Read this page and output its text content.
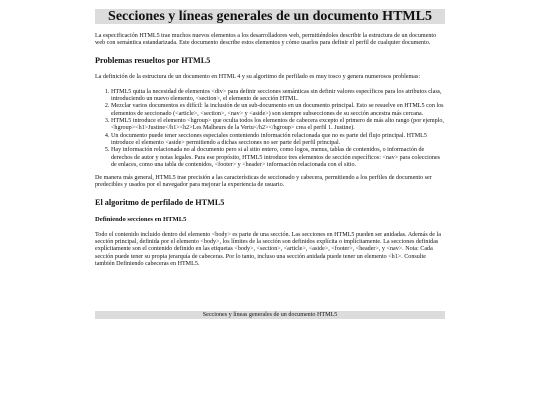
Secciones y líneas generales de un documento HTML5

La especificación HTML5 trae muchos nuevos elementos a los desarrolladores web, permitiéndoles describir la estructura de un documento web con semántica estandarizada. Este documento describe estos elementos y cómo usarlos para definir el perfil de cualquier documento.

Problemas resueltos por HTML5

La definición de la estructura de un documento en HTML 4 y su algoritmo de perfilado es muy tosco y genera numerosos problemas:

1. HTML5 quita la necesidad de elementos <div> para definir secciones semánticas sin definir valores específicos para los atributos class, introduciendo un nuevo elemento, <section>, el elemento de sección HTML.
2. Mezclar varios documentos es difícil: la inclusión de un sub-documento en un documento principal. Esto se resuelve en HTML5 con los elementos de seccionado (<article>, <section>, <nav> y <aside>) son siempre subsecciones de su sección ancestra más cercana.
3. HTML5 introduce el elemento <hgroup> que oculta todos los elementos de cabecera excepto el primero de más alto rango (por ejemplo, <hgroup><h1>Justine</h1><h2>Les Malheurs de la Vertu</h2></hgroup> crea el perfil 1. Justine).
4. Un documento puede tener secciones especiales conteniendo información relacionada que no es parte del flujo principal. HTML5 introduce el elemento <aside> permitiendo a dichas secciones no ser parte del perfil principal.
5. Hay información relacionada no al documento pero si al sitio entero, como logos, menus, tablas de contenidos, o información de derechos de autor y notas legales. Para ese propósito, HTML5 introduce tres elementos de sección específicos: <nav> para colecciones de enlaces, como una tabla de contenidos, <footer> y <header> información relacionada con el sitio.

De manera más general, HTML5 trae precisión a las características de seccionado y cabecera, permitiendo a los perfiles de documento ser predecibles y usados por el navegador para mejorar la experiencia de usuario.

El algoritmo de perfilado de HTML5
Definiendo secciones en HTML5

Todo el contenido incluido dentro del elemento <body> es parte de una sección. Las secciones en HTML5 pueden ser anidadas. Además de la sección principal, definida por el elemento <body>, los límites de la sección son definidos explícita o implícitamente. La secciones definidas explícitamente son el contenido definido en las etiquetas <body>, <section>, <article>, <aside>, <footer>, <header>, y <nav>. Nota: Cada sección puede tener su propia jerarquía de cabeceras. Por lo tanto, incluso una sección anidada puede tener un elemento <h1>. Consulte también Definiendo cabeceras en HTML5.

Secciones y líneas generales de un documento HTML5
